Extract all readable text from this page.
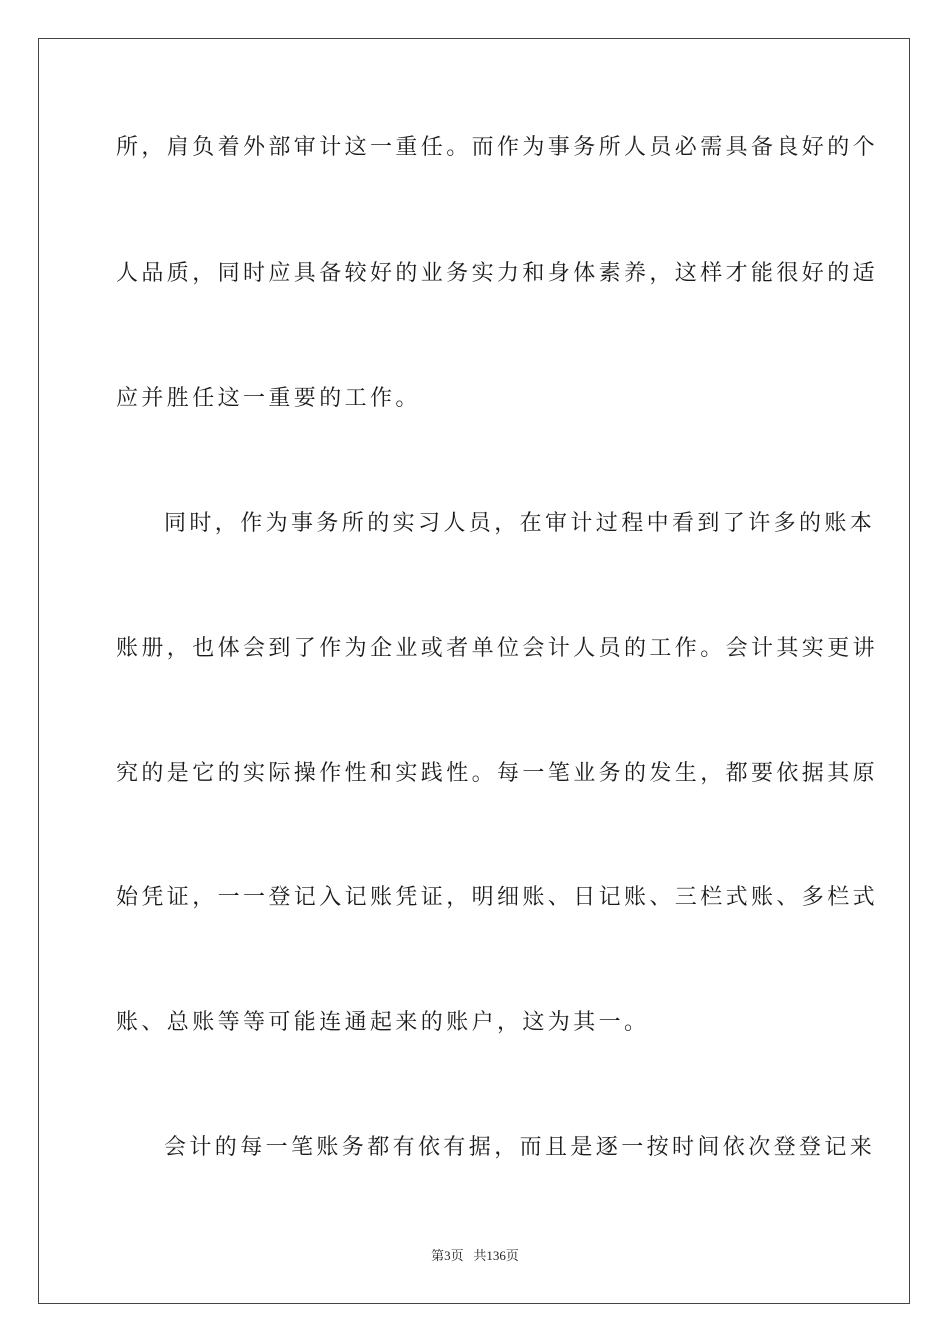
所，肩负着外部审计这一重任。而作为事务所人员必需具备良好的个
人品质，同时应具备较好的业务实力和身体素养，这样才能很好的适
应并胜任这一重要的工作。
同时，作为事务所的实习人员，在审计过程中看到了许多的账本
账册，也体会到了作为企业或者单位会计人员的工作。会计其实更讲
究的是它的实际操作性和实践性。每一笔业务的发生，都要依据其原
始凭证，一一登记入记账凭证，明细账、日记账、三栏式账、多栏式
账、总账等等可能连通起来的账户，这为其一。
会计的每一笔账务都有依有据，而且是逐一按时间依次登登记来
第3页 共136页
